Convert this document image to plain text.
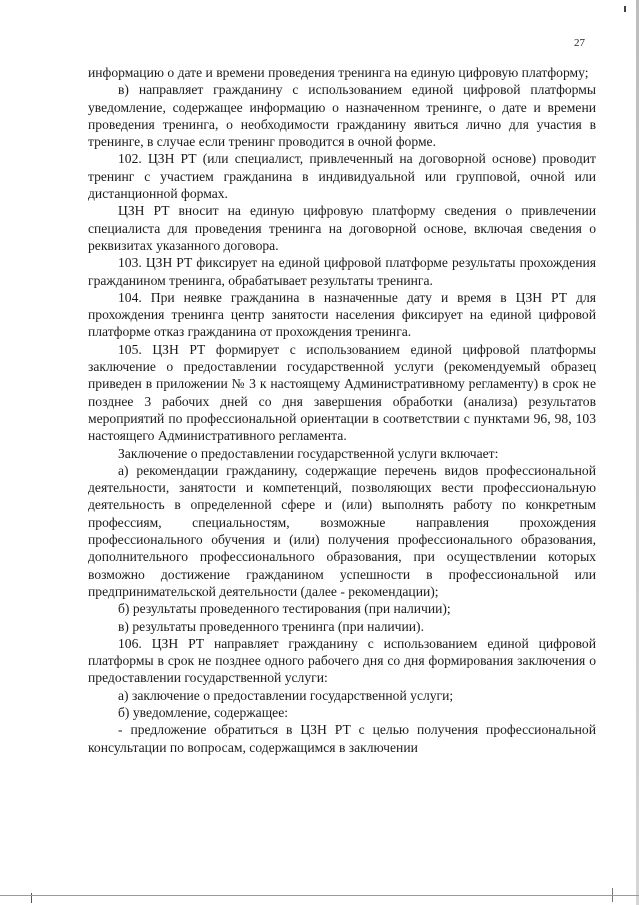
27

информацию о дате и времени проведения тренинга на единую цифровую платформу;

в) направляет гражданину с использованием единой цифровой платформы уведомление, содержащее информацию о назначенном тренинге, о дате и времени проведения тренинга, о необходимости гражданину явиться лично для участия в тренинге, в случае если тренинг проводится в очной форме.

102. ЦЗН РТ (или специалист, привлеченный на договорной основе) проводит тренинг с участием гражданина в индивидуальной или групповой, очной или дистанционной формах.

ЦЗН РТ вносит на единую цифровую платформу сведения о привлечении специалиста для проведения тренинга на договорной основе, включая сведения о реквизитах указанного договора.

103. ЦЗН РТ фиксирует на единой цифровой платформе результаты прохождения гражданином тренинга, обрабатывает результаты тренинга.

104. При неявке гражданина в назначенные дату и время в ЦЗН РТ для прохождения тренинга центр занятости населения фиксирует на единой цифровой платформе отказ гражданина от прохождения тренинга.

105. ЦЗН РТ формирует с использованием единой цифровой платформы заключение о предоставлении государственной услуги (рекомендуемый образец приведен в приложении № 3 к настоящему Административному регламенту) в срок не позднее 3 рабочих дней со дня завершения обработки (анализа) результатов мероприятий по профессиональной ориентации в соответствии с пунктами 96, 98, 103 настоящего Административного регламента.

Заключение о предоставлении государственной услуги включает:

а) рекомендации гражданину, содержащие перечень видов профессиональной деятельности, занятости и компетенций, позволяющих вести профессиональную деятельность в определенной сфере и (или) выполнять работу по конкретным профессиям, специальностям, возможные направления прохождения профессионального обучения и (или) получения профессионального образования, дополнительного профессионального образования, при осуществлении которых возможно достижение гражданином успешности в профессиональной или предпринимательской деятельности (далее - рекомендации);

б) результаты проведенного тестирования (при наличии);

в) результаты проведенного тренинга (при наличии).

106. ЦЗН РТ направляет гражданину с использованием единой цифровой платформы в срок не позднее одного рабочего дня со дня формирования заключения о предоставлении государственной услуги:

а) заключение о предоставлении государственной услуги;

б) уведомление, содержащее:

- предложение обратиться в ЦЗН РТ с целью получения профессиональной консультации по вопросам, содержащимся в заключении
